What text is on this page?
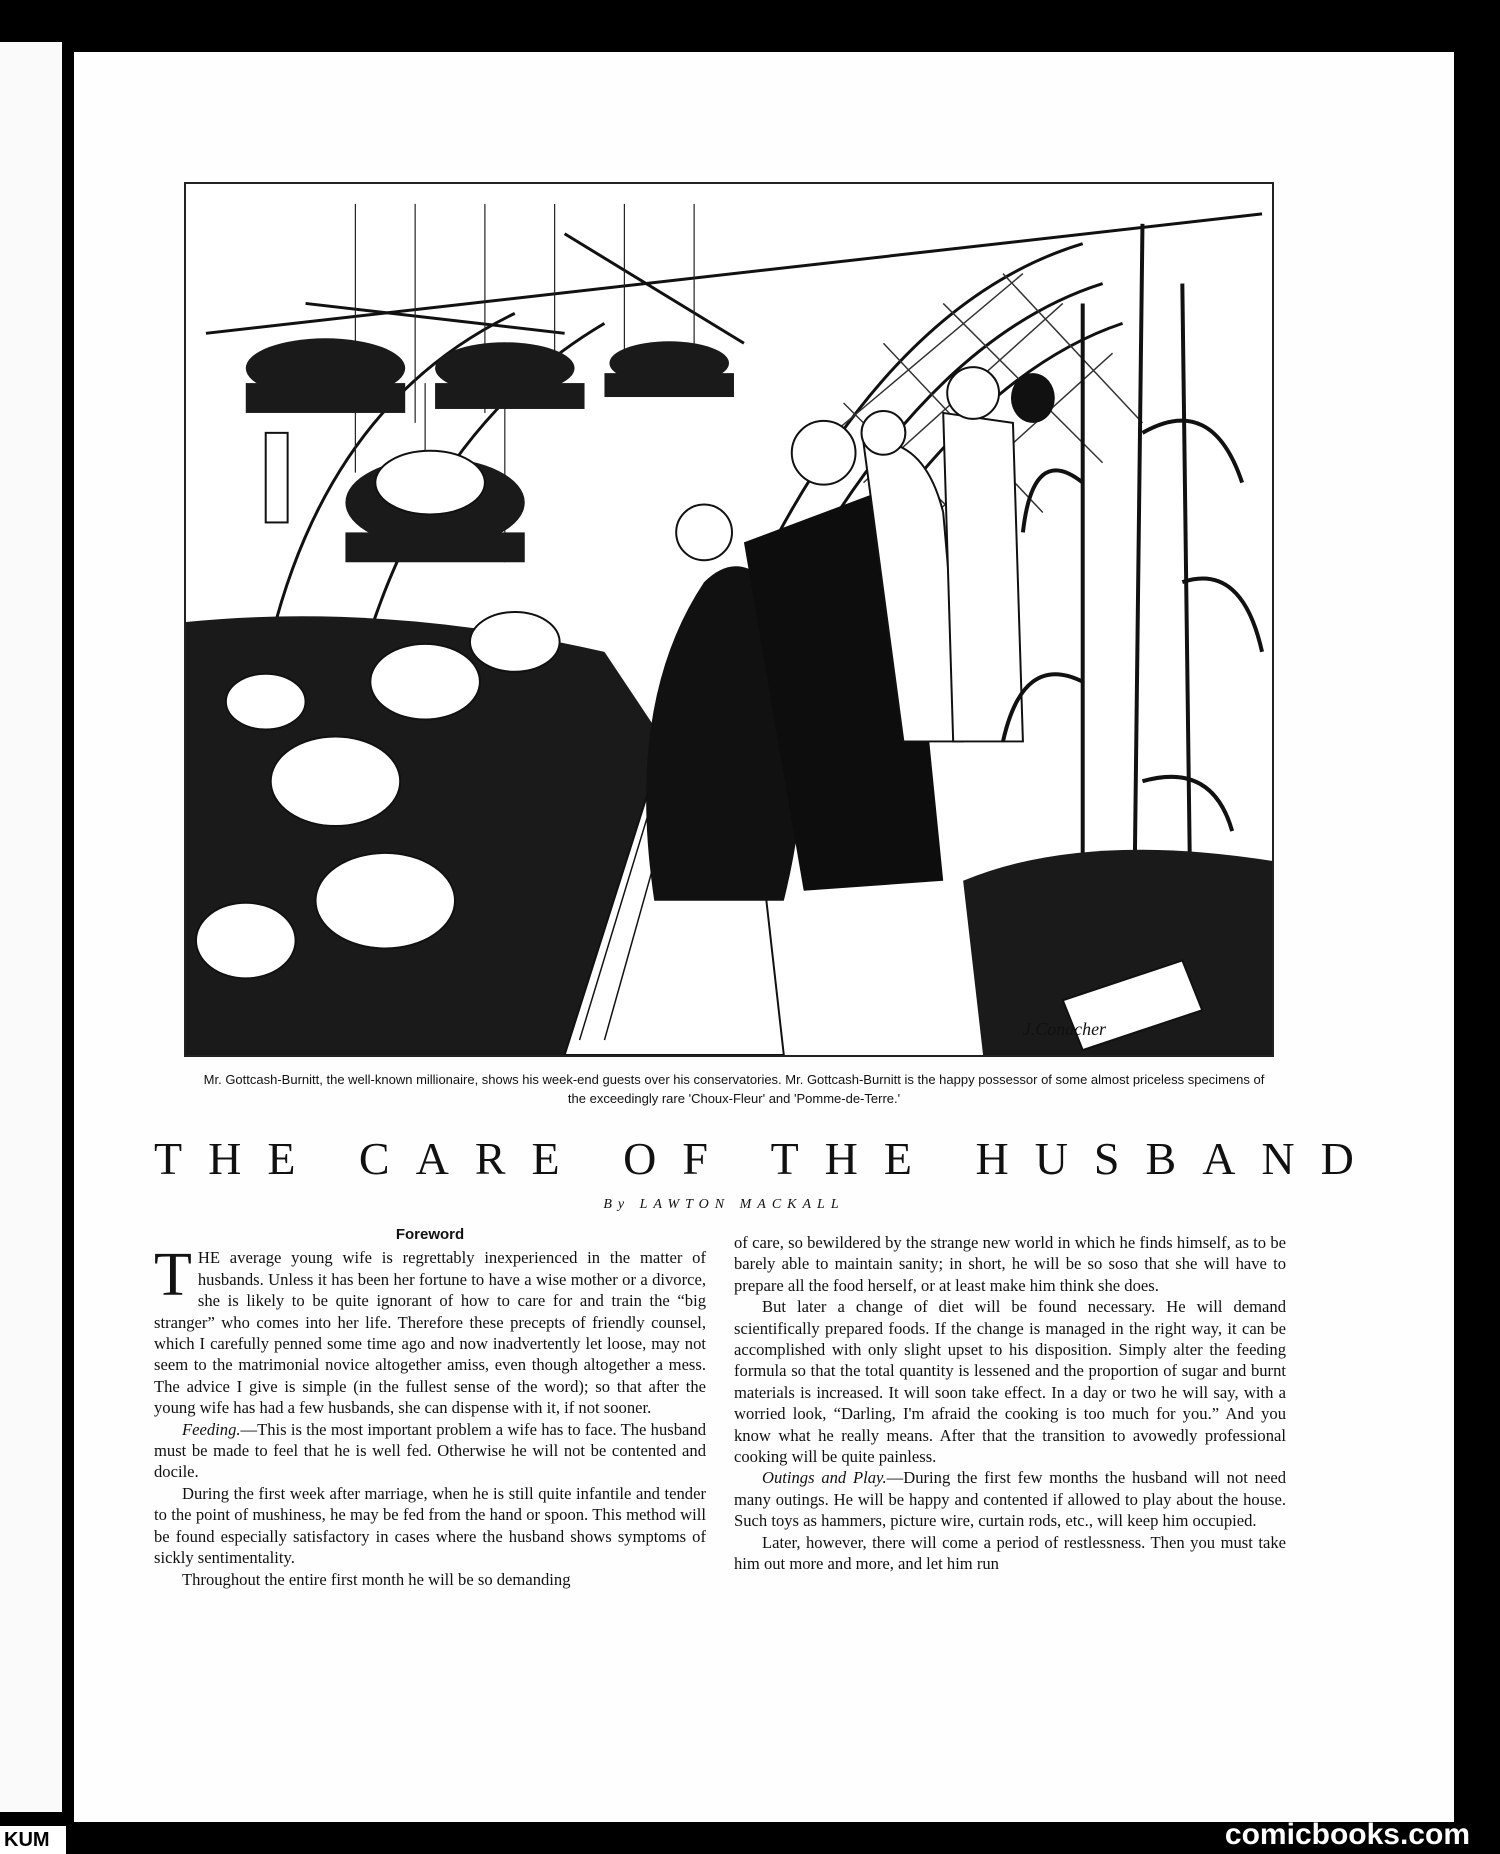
J.Conacher
Mr. Gottcash-Burnitt, the well-known millionaire, shows his week-end guests over his conservatories. Mr. Gottcash-Burnitt is the happy possessor of some almost priceless specimens of the exceedingly rare 'Choux-Fleur' and 'Pomme-de-Terre.'
THE CARE OF THE HUSBAND
By LAWTON MACKALL
Foreword

THE average young wife is regrettably inexperienced in the matter of husbands. Unless it has been her fortune to have a wise mother or a divorce, she is likely to be quite ignorant of how to care for and train the “big stranger” who comes into her life. Therefore these precepts of friendly counsel, which I carefully penned some time ago and now inadvertently let loose, may not seem to the matrimonial novice altogether amiss, even though altogether a mess. The advice I give is simple (in the fullest sense of the word); so that after the young wife has had a few husbands, she can dispense with it, if not sooner.

Feeding.—This is the most important problem a wife has to face. The husband must be made to feel that he is well fed. Otherwise he will not be contented and docile.

During the first week after marriage, when he is still quite infantile and tender to the point of mushiness, he may be fed from the hand or spoon. This method will be found especially satisfactory in cases where the husband shows symptoms of sickly sentimentality.

Throughout the entire first month he will be so demanding

of care, so bewildered by the strange new world in which he finds himself, as to be barely able to maintain sanity; in short, he will be so soso that she will have to prepare all the food herself, or at least make him think she does.

But later a change of diet will be found necessary. He will demand scientifically prepared foods. If the change is managed in the right way, it can be accomplished with only slight upset to his disposition. Simply alter the feeding formula so that the total quantity is lessened and the proportion of sugar and burnt materials is increased. It will soon take effect. In a day or two he will say, with a worried look, “Darling, I'm afraid the cooking is too much for you.” And you know what he really means. After that the transition to avowedly professional cooking will be quite painless.

Outings and Play.—During the first few months the husband will not need many outings. He will be happy and contented if allowed to play about the house. Such toys as hammers, picture wire, curtain rods, etc., will keep him occupied.

Later, however, there will come a period of restlessness. Then you must take him out more and more, and let him run

comicbooks.com
KUM
